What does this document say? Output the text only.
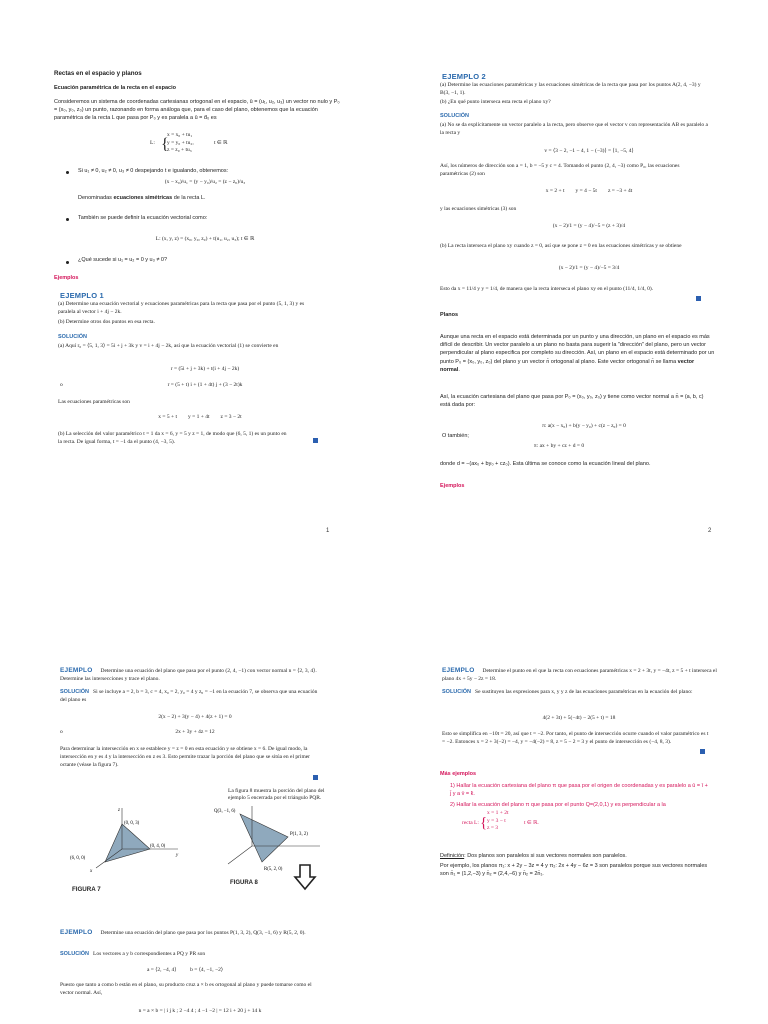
Rectas en el espacio y planos
Ecuación paramétrica de la recta en el espacio
Consideremos un sistema de coordenadas cartesianas ortogonal en el espacio, ū = (u₁, u₂, u₃) un vector no nulo y P₀ = (x₀, y₀, z₀) un punto, razonando en forma análoga que, para el caso del plano, obtenemos que la ecuación paramétrica de la recta L que pasa por P₀ y es paralela a ū = d̄₀ es
L: {
x = x₀ + tu₁
y = y₀ + tu₂,
z = z₀ + tu₃
t ∈ ℝ
Si u₁ ≠ 0, u₂ ≠ 0, u₃ ≠ 0 despejando t e igualando, obtenemos:
(x − x₀)/u₁ = (y − y₀)/u₂ = (z − z₀)/u₃
Denominadas ecuaciones simétricas de la recta L.
También se puede definir la ecuación vectorial como:
L: (x, y, z) = (x₀, y₀, z₀) + t(u₁, u₂, u₃); t ∈ ℝ
¿Qué sucede si u₁ = u₂ = 0 y u₃ ≠ 0?
Ejemplos
EJEMPLO 1
(a) Determine una ecuación vectorial y ecuaciones paramétricas para la recta que pasa por el punto (5, 1, 3) y es paralela al vector i + 4j − 2k.
(b) Determine otros dos puntos en esa recta.
SOLUCIÓN
(a) Aquí r₀ = ⟨5, 1, 3⟩ = 5i + j + 3k y v = i + 4j − 2k, así que la ecuación vectorial (1) se convierte en
r = (5i + j + 3k) + t(i + 4j − 2k)
o	r = (5 + t) i + (1 + 4t) j + (3 − 2t)k
Las ecuaciones paramétricas son
x = 5 + t        y = 1 + 4t        z = 3 − 2t
(b) La selección del valor paramétrico t = 1 da x = 6, y = 5 y z = 1, de modo que (6, 5, 1) es un punto en la recta. De igual forma, t = −1 da el punto (4, −3, 5).
1
EJEMPLO 2
(a) Determine las ecuaciones paramétricas y las ecuaciones simétricas de la recta que pasa por los puntos A(2, 4, −3) y B(3, −1, 1).
(b) ¿En qué punto interseca esta recta el plano xy?
SOLUCIÓN
(a) No se da explícitamente un vector paralelo a la recta, pero observe que el vector v con representación AB es paralelo a la recta y
v = ⟨3 − 2, −1 − 4, 1 − (−3)⟩ = ⟨1, −5, 4⟩
Así, los números de dirección son a = 1, b = −5 y c = 4. Tomando el punto (2, 4, −3) como P₀, las ecuaciones paramétricas (2) son
x = 2 + t        y = 4 − 5t        z = −3 + 4t
y las ecuaciones simétricas (3) son
(x − 2)/1 = (y − 4)/−5 = (z + 3)/4
(b) La recta interseca el plano xy cuando z = 0, así que se pone z = 0 en las ecuaciones simétricas y se obtiene
(x − 2)/1 = (y − 4)/−5 = 3/4
Esto da x = 11/4 y y = 1/4, de manera que la recta interseca el plano xy en el punto (11/4, 1/4, 0).
Planos
Aunque una recta en el espacio está determinada por un punto y una dirección, un plano en el espacio es más difícil de describir. Un vector paralelo a un plano no basta para sugerir la "dirección" del plano, pero un vector perpendicular al plano especifica por completo su dirección. Así, un plano en el espacio está determinado por un punto P₀ = (x₀, y₀, z₀) del plano y un vector n̄ ortogonal al plano. Este vector ortogonal n̄ se llama vector normal.
Así, la ecuación cartesiana del plano que pasa por P₀ = (x₀, y₀, z₀) y tiene como vector normal a n̄ = (a, b, c) está dada por:
π: a(x − x₀) + b(y − y₀) + c(z − z₀) = 0
O también;
π: ax + by + cz + d = 0
donde d = −(ax₀ + by₀ + cz₀). Esta última se conoce como la ecuación lineal del plano.
Ejemplos
2
EJEMPLO Determine una ecuación del plano que pasa por el punto (2, 4, −1) con vector normal n = ⟨2, 3, 4⟩. Determine las intersecciones y trace el plano.
SOLUCIÓN Si se incluye a = 2, b = 3, c = 4, x₀ = 2, y₀ = 4 y z₀ = −1 en la ecuación 7, se observa que una ecuación del plano es
2(x − 2) + 3(y − 4) + 4(z + 1) = 0
o	2x + 3y + 4z = 12
Para determinar la intersección en x se establece y = z = 0 en esta ecuación y se obtiene x = 6. De igual modo, la intersección en y es 4 y la intersección en z es 3. Esto permite trazar la porción del plano que se sitúa en el primer octante (véase la figura 7).
La figura 8 muestra la porción del plano del ejemplo 5 encerrada por el triángulo PQR.
z
y
x
(0, 0, 3)
(0, 4, 0)
(6, 0, 0)
FIGURA 7
Q(3, −1, 6)
P(1, 3, 2)
R(5, 2, 0)
FIGURA 8
EJEMPLO Determine una ecuación del plano que pasa por los puntos P(1, 3, 2), Q(3, −1, 6) y R(5, 2, 0).
SOLUCIÓN Los vectores a y b correspondientes a PQ y PR son
a = ⟨2, −4, 4⟩          b = ⟨4, −1, −2⟩
Puesto que tanto a como b están en el plano, su producto cruz a × b es ortogonal al plano y puede tomarse como el vector normal. Así,
n = a × b = | i j k ; 2 −4 4 ; 4 −1 −2 | = 12 i + 20 j + 14 k
EJEMPLO Determine el punto en el que la recta con ecuaciones paramétricas x = 2 + 3t, y = −4t, z = 5 + t interseca el plano 4x + 5y − 2z = 18.
SOLUCIÓN Se sustituyen las expresiones para x, y y z de las ecuaciones paramétricas en la ecuación del plano:
4(2 + 3t) + 5(−4t) − 2(5 + t) = 18
Esto se simplifica en −10t = 20, así que t = −2. Por tanto, el punto de intersección ocurre cuando el valor paramétrico es t = −2. Entonces x = 2 + 3(−2) = −4, y = −4(−2) = 8, z = 5 − 2 = 3 y el punto de intersección es (−4, 8, 3).
Más ejemplos
1) Hallar la ecuación cartesiana del plano π que pasa por el origen de coordenadas y es paralelo a ū = ī + j̄ y a v̄ = k̄.
2) Hallar la ecuación del plano π que pasa por el punto Q=(2,0,1) y es perpendicular a la
recta L: {
x = 1 + 2t
y = 3 − t
z = 3
t ∈ ℝ.
Definición: Dos planos son paralelos si sus vectores normales son paralelos.
Por ejemplo, los planos π₁: x + 2y − 3z = 4 y π₂: 2x + 4y − 6z = 3 son paralelos porque sus vectores normales son n̄₁ = (1,2,−3) y n̄₂ = (2,4,−6) y n̄₂ = 2n̄₁.
